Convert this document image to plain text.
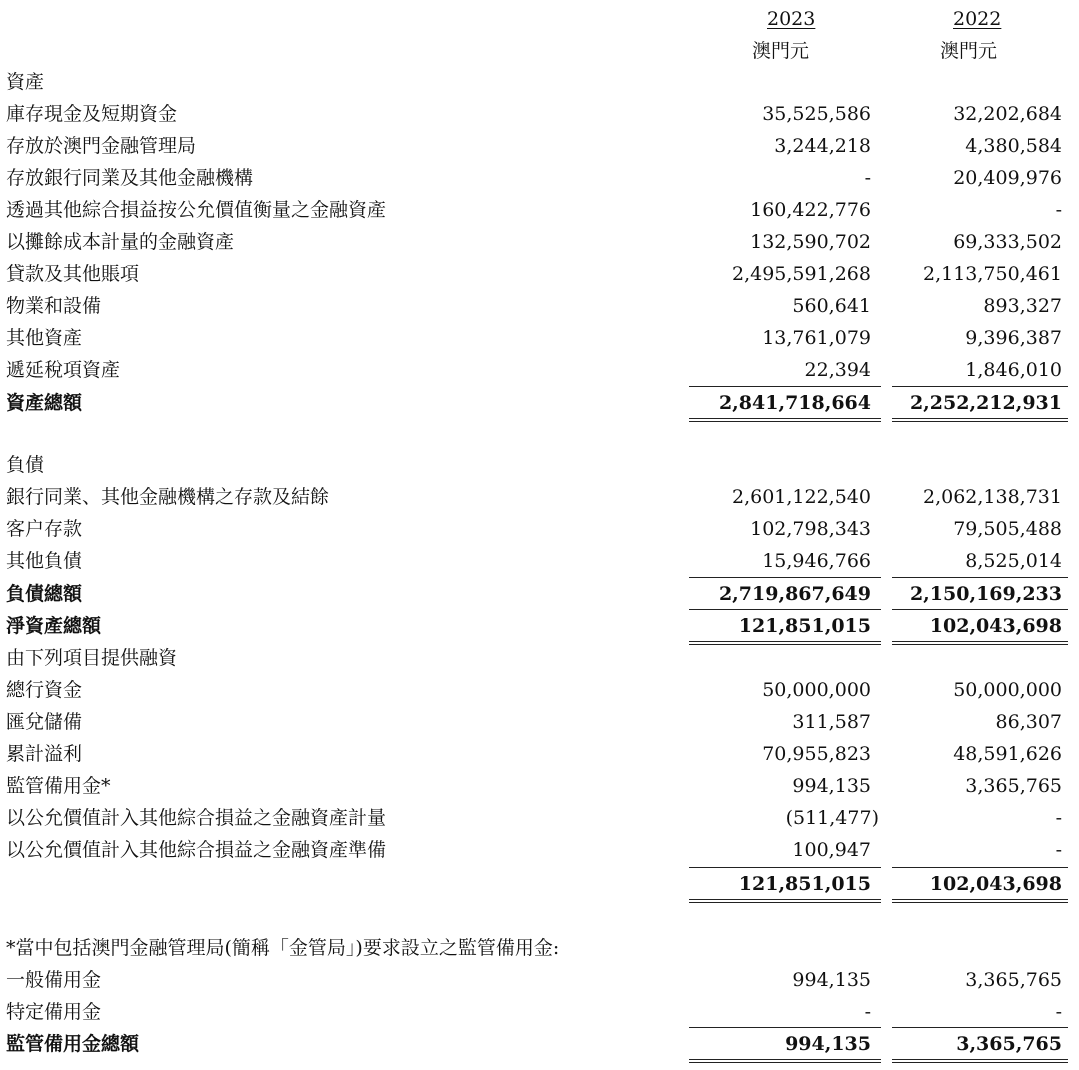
2023
澳門元
2022
澳門元
資產
庫存現金及短期資金	35,525,586	32,202,684
存放於澳門金融管理局	3,244,218	4,380,584
存放銀行同業及其他金融機構	-	20,409,976
透過其他綜合損益按公允價值衡量之金融資產	160,422,776	-
以攤餘成本計量的金融資產	132,590,702	69,333,502
貸款及其他賬項	2,495,591,268	2,113,750,461
物業和設備	560,641	893,327
其他資產	13,761,079	9,396,387
遞延稅項資產	22,394	1,846,010
資產總額	2,841,718,664 2,252,212,931
負債
銀行同業、其他金融機構之存款及結餘	2,601,122,540	2,062,138,731
客户存款	102,798,343	79,505,488
其他負債	15,946,766	8,525,014
負債總額	2,719,867,649 2,150,169,233
淨資產總額	121,851,015	102,043,698
由下列項目提供融資
總行資金	50,000,000	50,000,000
匯兌儲備	311,587	86,307
累計溢利	70,955,823	48,591,626
監管備用金*	994,135	3,365,765
以公允價值計入其他綜合損益之金融資產計量	(511,477)	-
以公允價值計入其他綜合損益之金融資產準備	100,947	-
121,851,015	102,043,698
*當中包括澳門金融管理局(簡稱「金管局」)要求設立之監管備用金:
一般備用金	994,135	3,365,765
特定備用金	-	-
監管備用金總額	994,135	3,365,765
